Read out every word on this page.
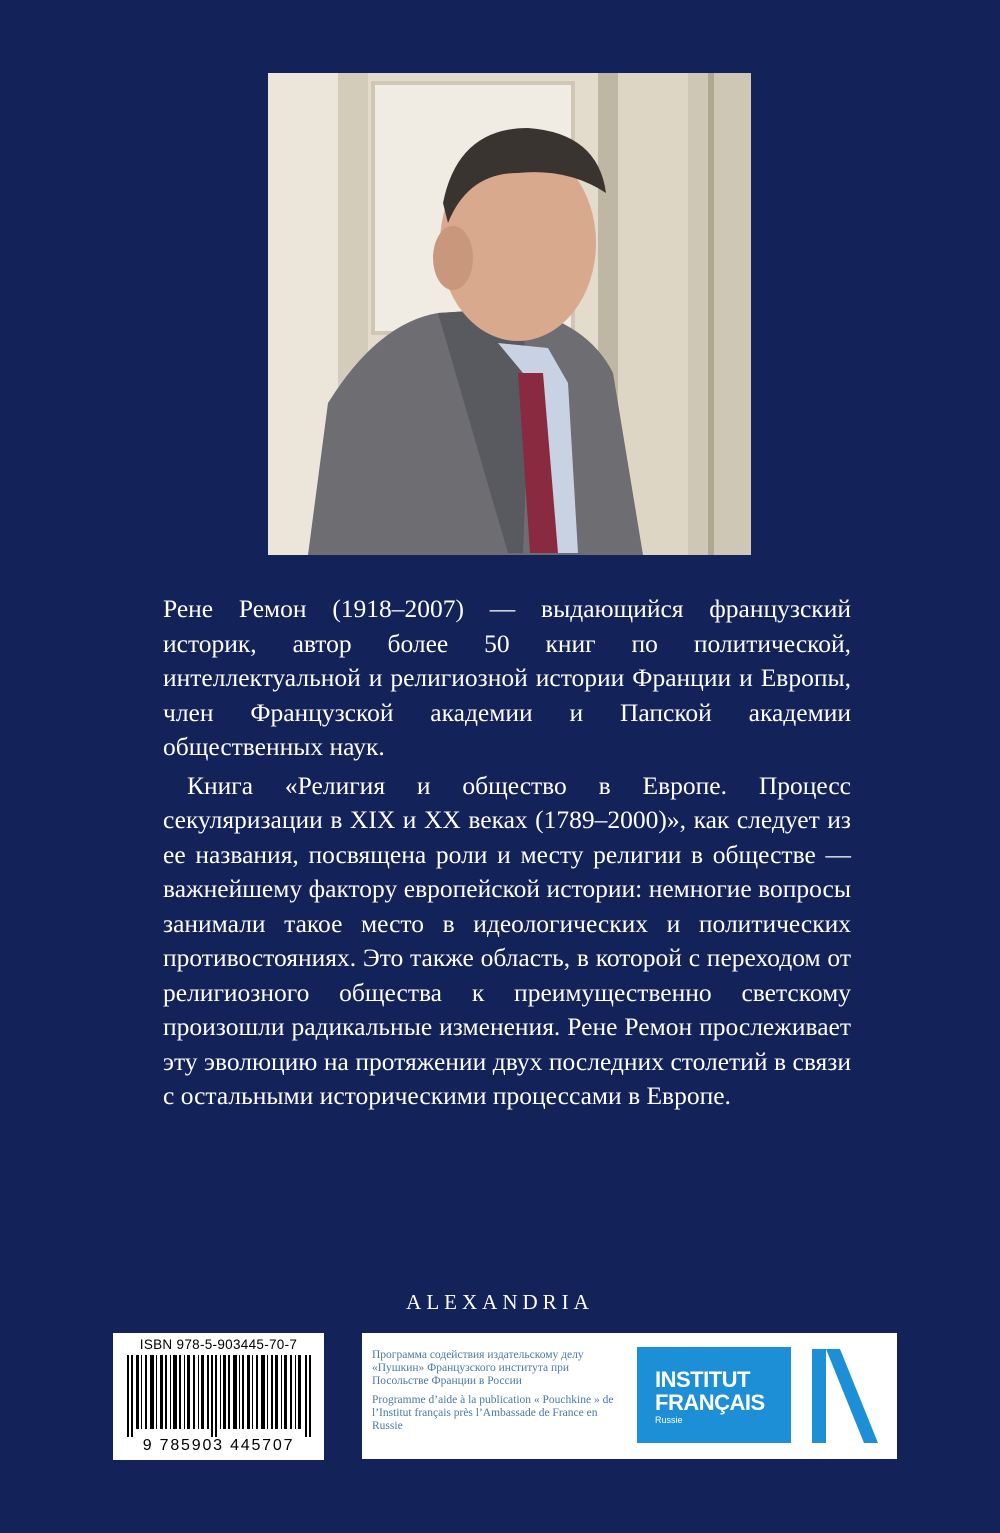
Рене Ремон (1918–2007) — выдающийся французский историк, автор более 50 книг по политической, интеллектуальной и религиозной истории Франции и Европы, член Французской академии и Папской академии общественных наук.

Книга «Религия и общество в Европе. Процесс секуляризации в XIX и XX веках (1789–2000)», как следует из ее названия, посвящена роли и месту религии в обществе — важнейшему фактору европейской истории: немногие вопросы занимали такое место в идеологических и политических противостояниях. Это также область, в которой с переходом от религиозного общества к преимущественно светскому произошли радикальные изменения. Рене Ремон прослеживает эту эволюцию на протяжении двух последних столетий в связи с остальными историческими процессами в Европе.

ALEXANDRIA
ISBN 978-5-903445-70-7
9 785903 445707
Программа содействия издательскому делу «Пушкин» Французского института при Посольстве Франции в России
Programme d’aide à la publication « Pouchkine » de l’Institut français près l’Ambassade de France en Russie
INSTITUT
FRANÇAIS
Russie
